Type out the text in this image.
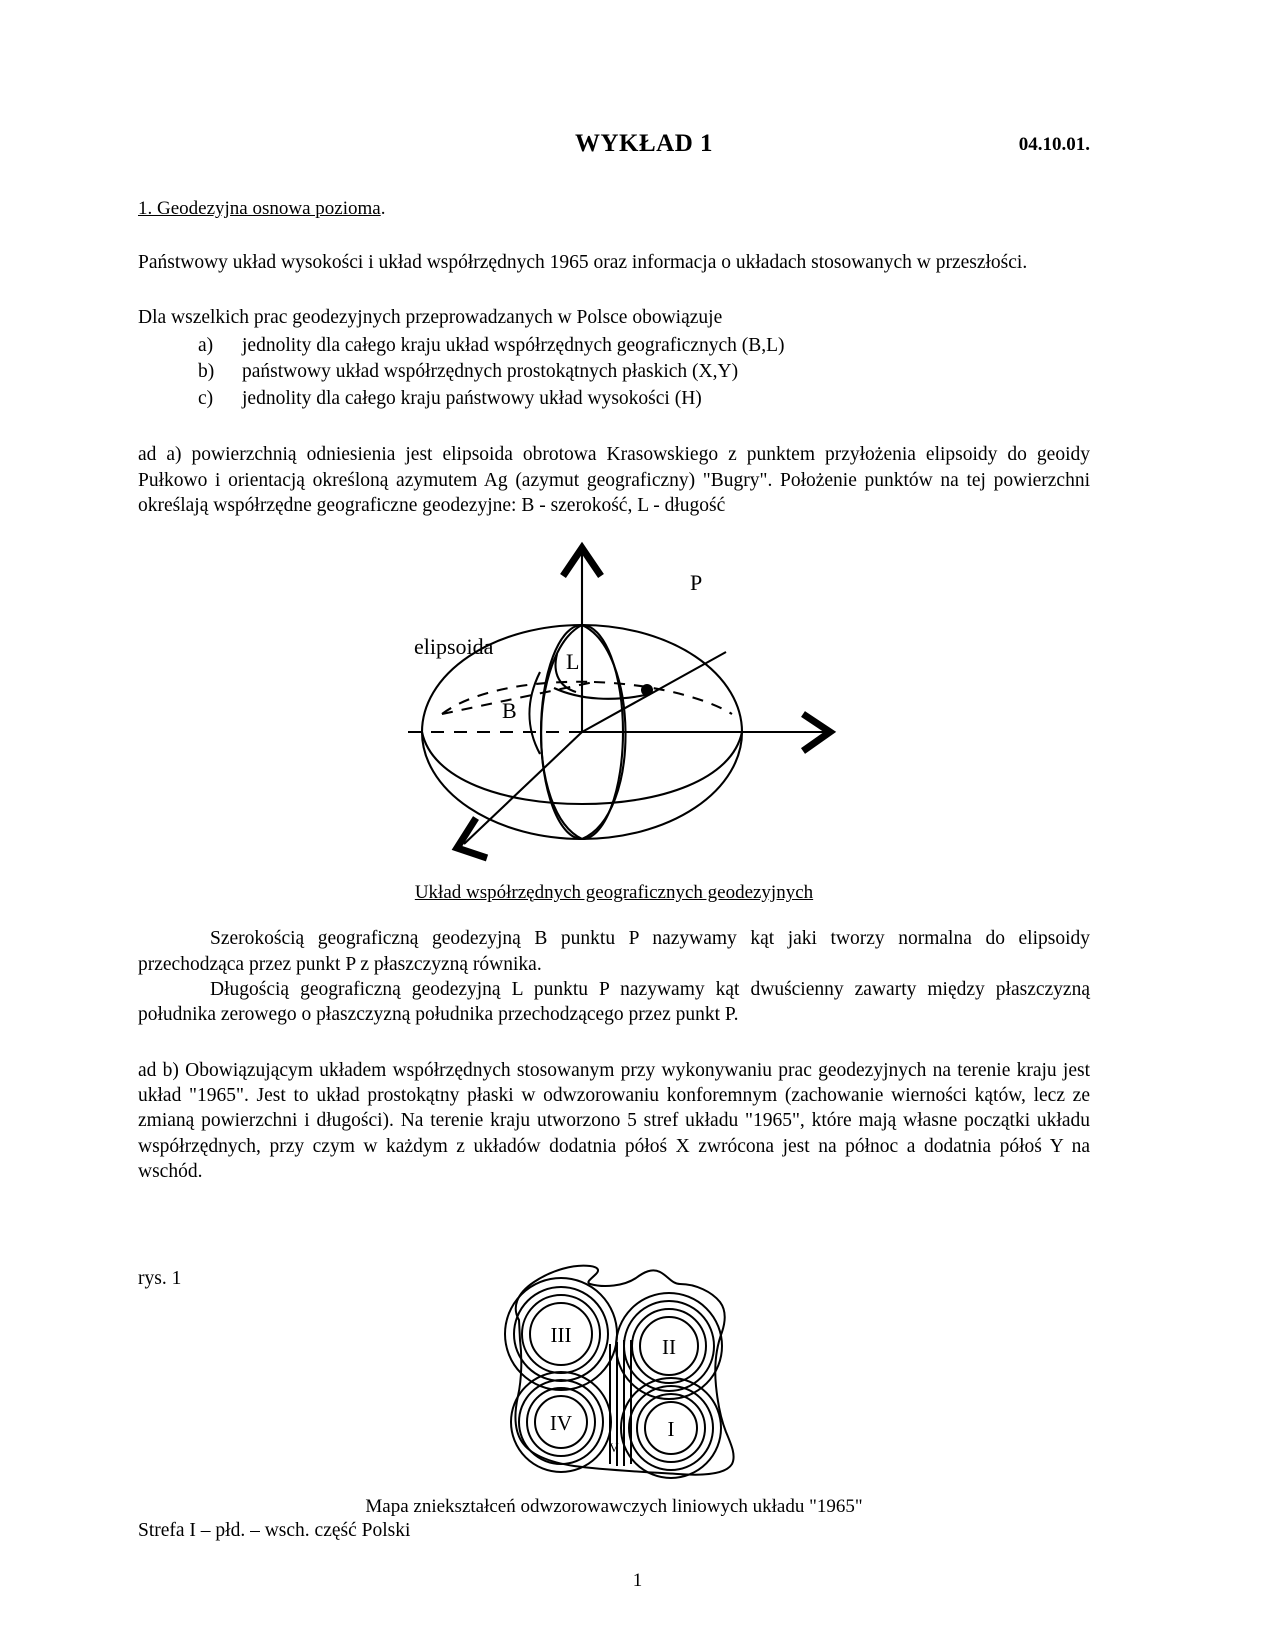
WYKŁAD 1	04.10.01.
1. Geodezyjna osnowa pozioma.

Państwowy układ wysokości i układ współrzędnych 1965 oraz informacja o układach stosowanych w przeszłości.

Dla wszelkich prac geodezyjnych przeprowadzanych w Polsce obowiązuje

a)	jednolity dla całego kraju układ współrzędnych geograficznych (B,L)
b)	państwowy układ współrzędnych prostokątnych płaskich (X,Y)
c)	jednolity dla całego kraju państwowy układ wysokości (H)

ad a) powierzchnią odniesienia jest elipsoida obrotowa Krasowskiego z punktem przyłożenia elipsoidy do geoidy Pułkowo i orientacją określoną azymutem Ag (azymut geograficzny) "Bugry". Położenie punktów na tej powierzchni określają współrzędne geograficzne geodezyjne: B - szerokość, L - długość

elipsoida
P
L
B
Układ współrzędnych geograficznych geodezyjnych

Szerokością geograficzną geodezyjną B punktu P nazywamy kąt jaki tworzy normalna do elipsoidy przechodząca przez punkt P z płaszczyzną równika.

Długością geograficzną geodezyjną L punktu P nazywamy kąt dwuścienny zawarty między płaszczyzną południka zerowego o płaszczyzną południka przechodzącego przez punkt P.

ad b) Obowiązującym układem współrzędnych stosowanym przy wykonywaniu prac geodezyjnych na terenie kraju jest układ "1965". Jest to układ prostokątny płaski w odwzorowaniu konforemnym (zachowanie wierności kątów, lecz ze zmianą powierzchni i długości). Na terenie kraju utworzono 5 stref układu "1965", które mają własne początki układu współrzędnych, przy czym w każdym z układów dodatnia półoś X zwrócona jest na północ a dodatnia półoś Y na wschód.

rys. 1
III	II
IV	I
V
Mapa zniekształceń odwzorowawczych liniowych układu "1965"

Strefa I – płd. – wsch. część Polski

1
